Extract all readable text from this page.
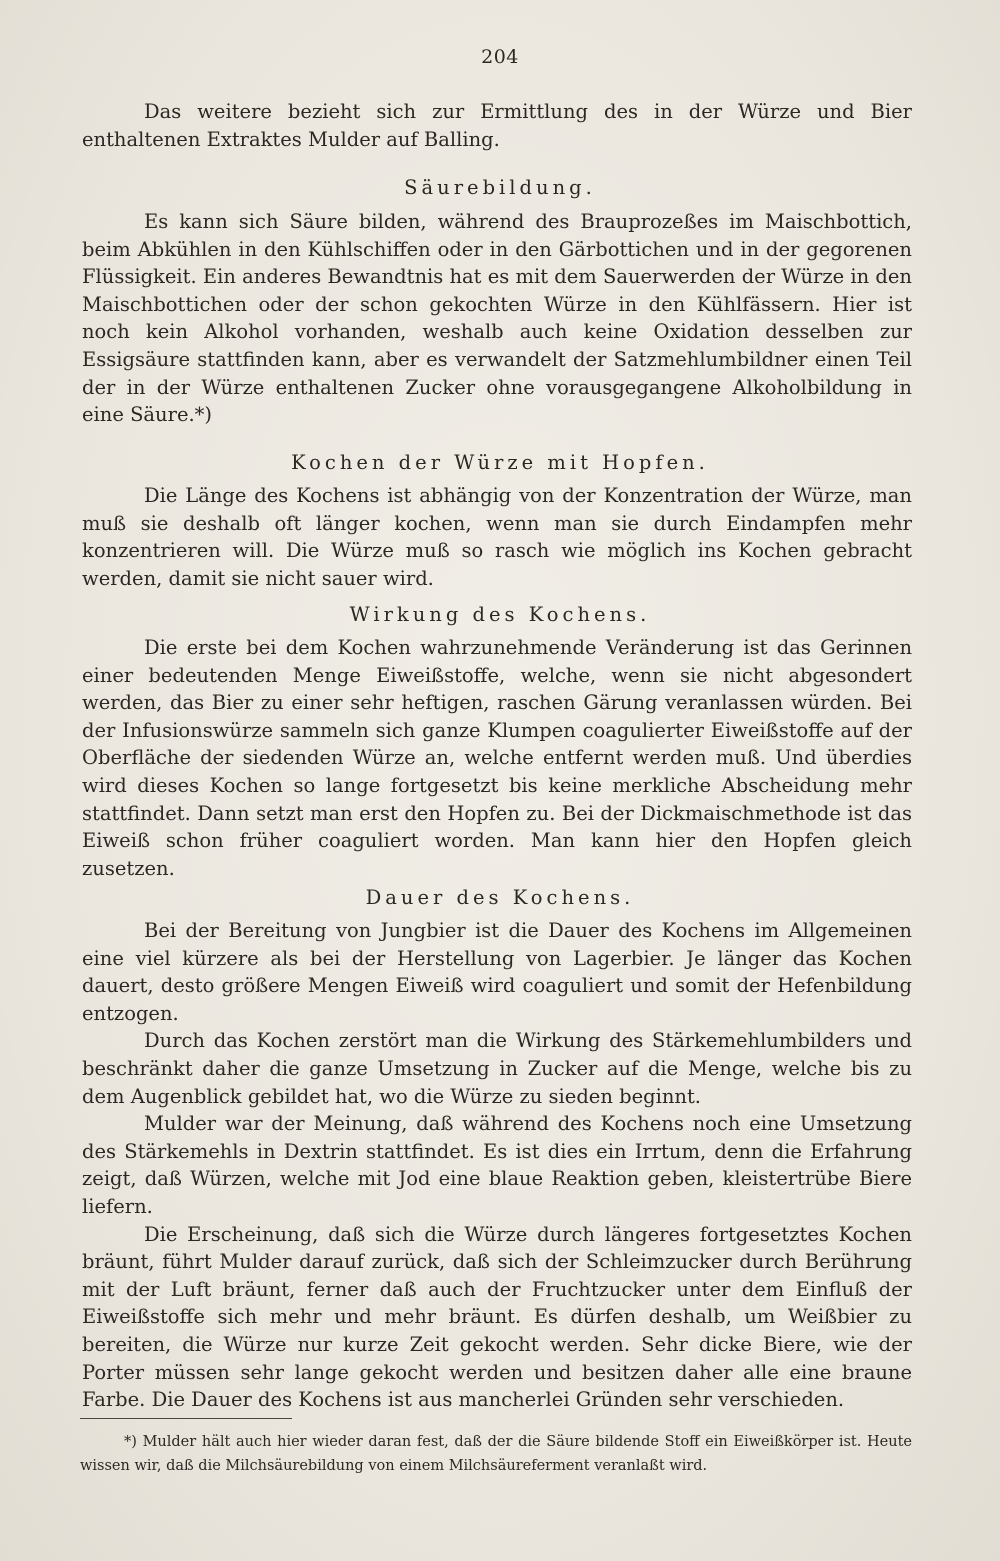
204

Das weitere bezieht sich zur Ermittlung des in der Würze und Bier enthaltenen Extraktes Mulder auf Balling.

Säurebildung.

Es kann sich Säure bilden, während des Brauprozeßes im Maischbottich, beim Abkühlen in den Kühlschiffen oder in den Gärbottichen und in der gegorenen Flüssigkeit. Ein anderes Bewandtnis hat es mit dem Sauerwerden der Würze in den Maischbottichen oder der schon gekochten Würze in den Kühlfässern. Hier ist noch kein Alkohol vorhanden, weshalb auch keine Oxidation desselben zur Essigsäure stattfinden kann, aber es verwandelt der Satzmehlumbildner einen Teil der in der Würze enthaltenen Zucker ohne vorausgegangene Alkoholbildung in eine Säure.*)

Kochen der Würze mit Hopfen.

Die Länge des Kochens ist abhängig von der Konzentration der Würze, man muß sie deshalb oft länger kochen, wenn man sie durch Eindampfen mehr konzentrieren will. Die Würze muß so rasch wie möglich ins Kochen gebracht werden, damit sie nicht sauer wird.

Wirkung des Kochens.

Die erste bei dem Kochen wahrzunehmende Veränderung ist das Gerinnen einer bedeutenden Menge Eiweißstoffe, welche, wenn sie nicht abgesondert werden, das Bier zu einer sehr heftigen, raschen Gärung veranlassen würden. Bei der Infusionswürze sammeln sich ganze Klumpen coagulierter Eiweißstoffe auf der Oberfläche der siedenden Würze an, welche entfernt werden muß. Und überdies wird dieses Kochen so lange fortgesetzt bis keine merkliche Abscheidung mehr stattfindet. Dann setzt man erst den Hopfen zu. Bei der Dickmaischmethode ist das Eiweiß schon früher coaguliert worden. Man kann hier den Hopfen gleich zusetzen.

Dauer des Kochens.

Bei der Bereitung von Jungbier ist die Dauer des Kochens im Allgemeinen eine viel kürzere als bei der Herstellung von Lagerbier. Je länger das Kochen dauert, desto größere Mengen Eiweiß wird coaguliert und somit der Hefenbildung entzogen.

Durch das Kochen zerstört man die Wirkung des Stärkemehlumbilders und beschränkt daher die ganze Umsetzung in Zucker auf die Menge, welche bis zu dem Augenblick gebildet hat, wo die Würze zu sieden beginnt.

Mulder war der Meinung, daß während des Kochens noch eine Umsetzung des Stärkemehls in Dextrin stattfindet. Es ist dies ein Irrtum, denn die Erfahrung zeigt, daß Würzen, welche mit Jod eine blaue Reaktion geben, kleistertrübe Biere liefern.

Die Erscheinung, daß sich die Würze durch längeres fortgesetztes Kochen bräunt, führt Mulder darauf zurück, daß sich der Schleimzucker durch Berührung mit der Luft bräunt, ferner daß auch der Fruchtzucker unter dem Einfluß der Eiweißstoffe sich mehr und mehr bräunt. Es dürfen deshalb, um Weißbier zu bereiten, die Würze nur kurze Zeit gekocht werden. Sehr dicke Biere, wie der Porter müssen sehr lange gekocht werden und besitzen daher alle eine braune Farbe. Die Dauer des Kochens ist aus mancherlei Gründen sehr verschieden.

*) Mulder hält auch hier wieder daran fest, daß der die Säure bildende Stoff ein Eiweißkörper ist. Heute wissen wir, daß die Milchsäurebildung von einem Milchsäureferment veranlaßt wird.
